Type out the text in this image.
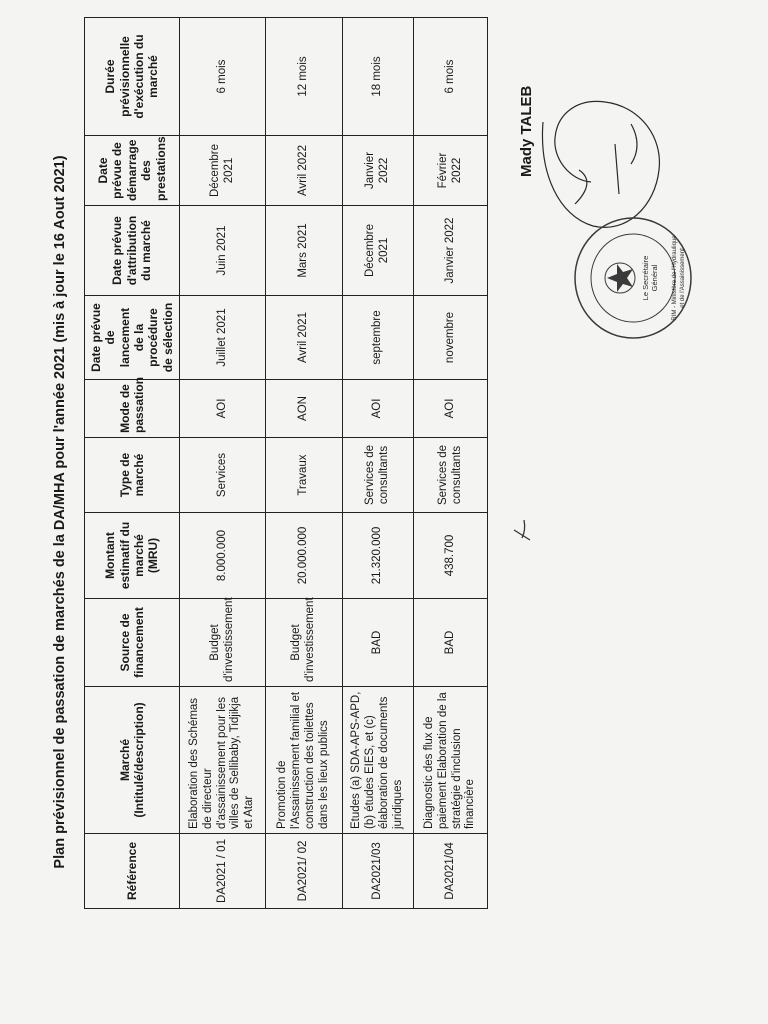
Plan prévisionnel de passation de marchés de la DA/MHA pour l'année 2021 (mis à jour le 16 Aout 2021)
Référence	Marché (Intitulé/description)	Source de financement	Montant estimatif du marché (MRU)	Type de marché	Mode de passation	Date prévue de lancement de la procédure de sélection	Date prévue d'attribution du marché	Date prévue de démarrage des prestations	Durée prévisionnelle d'exécution du marché
DA2021 / 01	Elaboration des Schémas de directeur d'assainissement pour les villes de Sellibaby, Tidjikja et Atar	Budget d'investissement	8.000.000	Services	AOI	Juillet 2021	Juin 2021	Décembre 2021	6 mois
DA2021/ 02	Promotion de l'Assainissement familial et construction des toilettes dans les lieux publics	Budget d'investissement	20.000.000	Travaux	AON	Avril 2021	Mars 2021	Avril 2022	12 mois
DA2021/03	Etudes (a) SDA-APS-APD, (b) études EIES, et (c) élaboration de documents juridiques	BAD	21.320.000	Services de consultants	AOI	septembre	Décembre 2021	Janvier 2022	18 mois
DA2021/04	Diagnostic des flux de paiement Elaboration de la stratégie d'inclusion financière	BAD	438.700	Services de consultants	AOI	novembre	Janvier 2022	Février 2022	6 mois
Mady TALEB
Le Secrétaire Général RIM - Ministère de l'Hydraulique et de l'Assainissement
